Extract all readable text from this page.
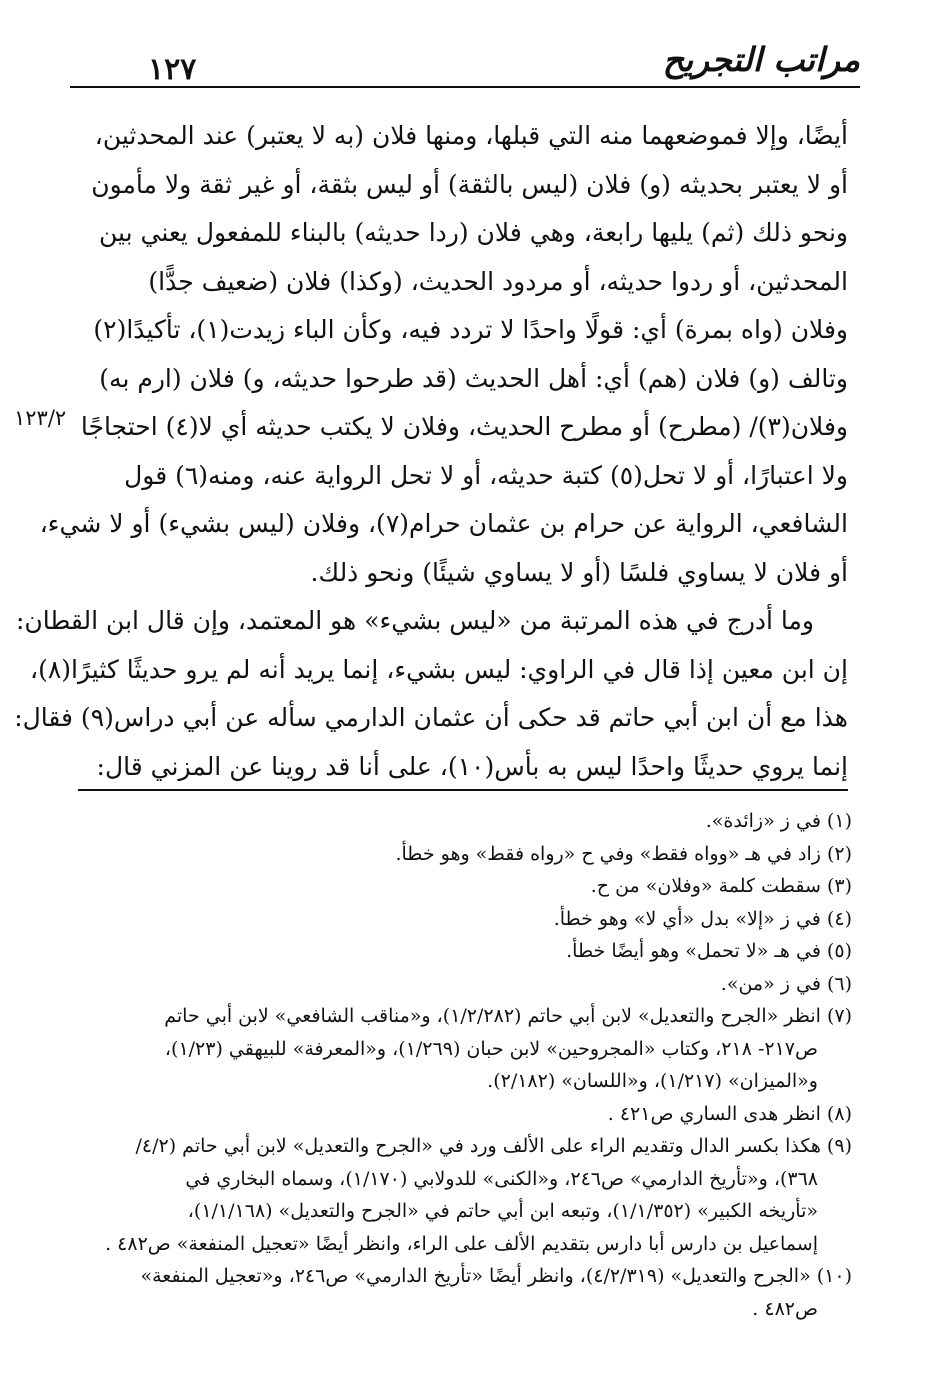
مراتب التجريح
١٢٧
١٢٣/٢
أيضًا، وإلا فموضعهما منه التي قبلها، ومنها فلان (به لا يعتبر) عند المحدثين،
أو لا يعتبر بحديثه (و) فلان (ليس بالثقة) أو ليس بثقة، أو غير ثقة ولا مأمون
ونحو ذلك (ثم) يليها رابعة، وهي فلان (ردا حديثه) بالبناء للمفعول يعني بين
المحدثين، أو ردوا حديثه، أو مردود الحديث، (وكذا) فلان (ضعيف جدًّا)
وفلان (واه بمرة) أي: قولًا واحدًا لا تردد فيه، وكأن الباء زيدت(١)، تأكيدًا(٢)
وتالف (و) فلان (هم) أي: أهل الحديث (قد طرحوا حديثه، و) فلان (ارم به)
وفلان(٣)/ (مطرح) أو مطرح الحديث، وفلان لا يكتب حديثه أي لا(٤) احتجاجًا
ولا اعتبارًا، أو لا تحل(٥) كتبة حديثه، أو لا تحل الرواية عنه، ومنه(٦) قول
الشافعي، الرواية عن حرام بن عثمان حرام(٧)، وفلان (ليس بشيء) أو لا شيء،
أو فلان لا يساوي فلسًا (أو لا يساوي شيئًا) ونحو ذلك.
وما أدرج في هذه المرتبة من «ليس بشيء» هو المعتمد، وإن قال ابن القطان:
إن ابن معين إذا قال في الراوي: ليس بشيء، إنما يريد أنه لم يرو حديثًا كثيرًا(٨)،
هذا مع أن ابن أبي حاتم قد حكى أن عثمان الدارمي سأله عن أبي دراس(٩) فقال:
إنما يروي حديثًا واحدًا ليس به بأس(١٠)، على أنا قد روينا عن المزني قال:
(١) في ز «زائدة».
(٢) زاد في هـ «وواه فقط» وفي ح «رواه فقط» وهو خطأ.
(٣) سقطت كلمة «وفلان» من ح.
(٤) في ز «إلا» بدل «أي لا» وهو خطأ.
(٥) في هـ «لا تحمل» وهو أيضًا خطأ.
(٦) في ز «من».
(٧) انظر «الجرح والتعديل» لابن أبي حاتم (١/٢/٢٨٢)، و«مناقب الشافعي» لابن أبي حاتم
ص٢١٧- ٢١٨، وكتاب «المجروحين» لابن حبان (١/٢٦٩)، و«المعرفة» للبيهقي (١/٢٣)،
و«الميزان» (١/٢١٧)، و«اللسان» (٢/١٨٢).
(٨) انظر هدى الساري ص٤٢١ .
(٩) هكذا بكسر الدال وتقديم الراء على الألف ورد في «الجرح والتعديل» لابن أبي حاتم (٤/٢/
٣٦٨)، و«تأريخ الدارمي» ص٢٤٦، و«الكنى» للدولابي (١/١٧٠)، وسماه البخاري في
«تأريخه الكبير» (١/١/٣٥٢)، وتبعه ابن أبي حاتم في «الجرح والتعديل» (١/١/١٦٨)،
إسماعيل بن دارس أبا دارس بتقديم الألف على الراء، وانظر أيضًا «تعجيل المنفعة» ص٤٨٢ .
(١٠) «الجرح والتعديل» (٤/٢/٣١٩)، وانظر أيضًا «تأريخ الدارمي» ص٢٤٦، و«تعجيل المنفعة»
ص٤٨٢ .
